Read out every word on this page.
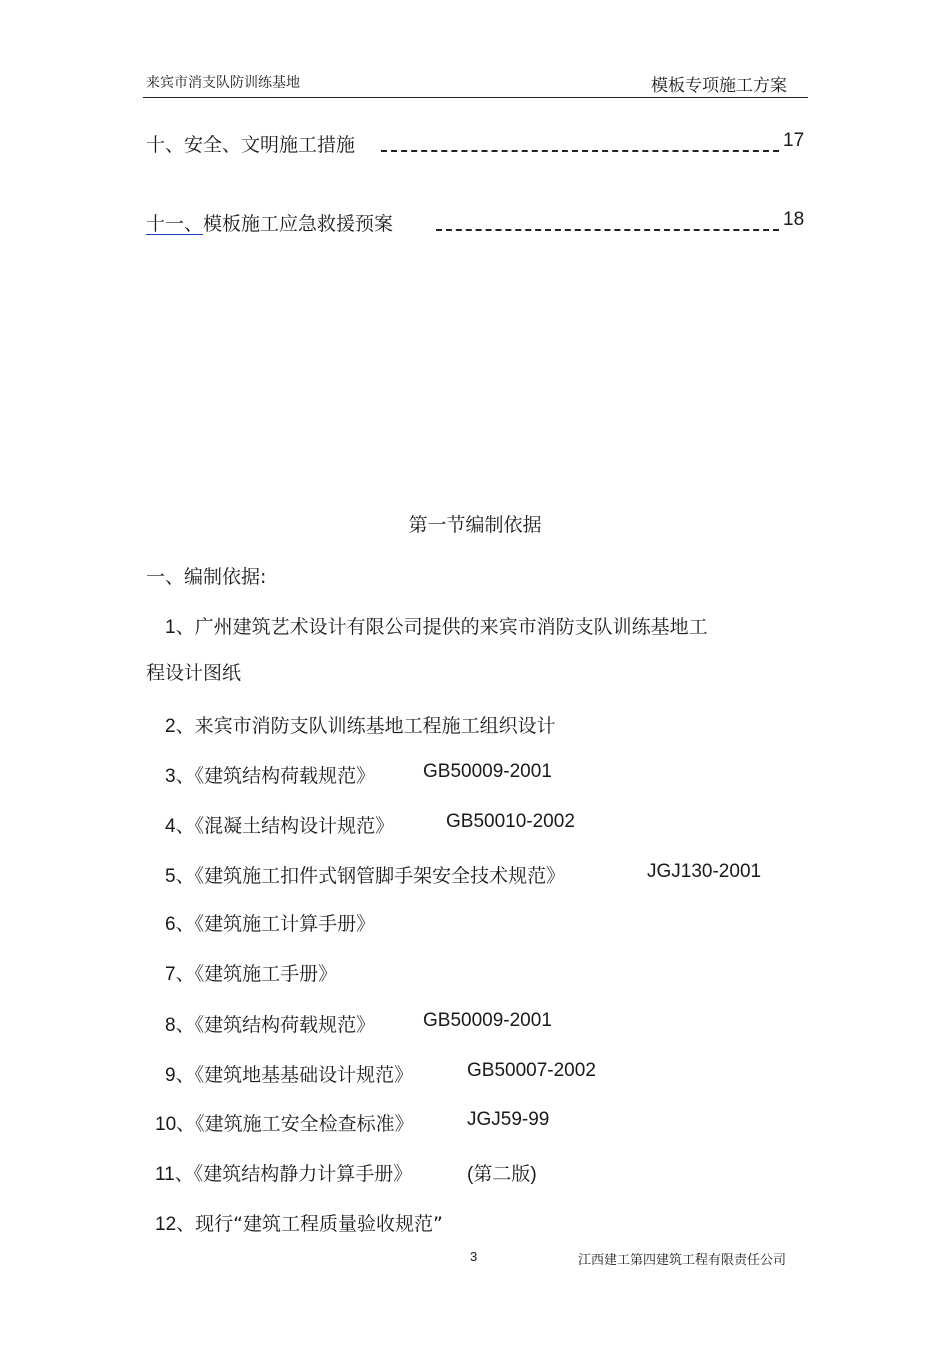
来宾市消支队防训练基地	模板专项施工方案
十、安全、文明施工措施	17
十一、模板施工应急救援预案	18
第一节编制依据
一、编制依据:
1、广州建筑艺术设计有限公司提供的来宾市消防支队训练基地工
程设计图纸
2、来宾市消防支队训练基地工程施工组织设计
3、《建筑结构荷载规范》	GB50009-2001
4、《混凝土结构设计规范》	GB50010-2002
5、《建筑施工扣件式钢管脚手架安全技术规范》	JGJ130-2001
6、《建筑施工计算手册》
7、《建筑施工手册》
8、《建筑结构荷载规范》	GB50009-2001
9、《建筑地基基础设计规范》	GB50007-2002
10、《建筑施工安全检查标准》	JGJ59-99
11、《建筑结构静力计算手册》	(第二版)
12、现行“建筑工程质量验收规范”
3	江西建工第四建筑工程有限责任公司
